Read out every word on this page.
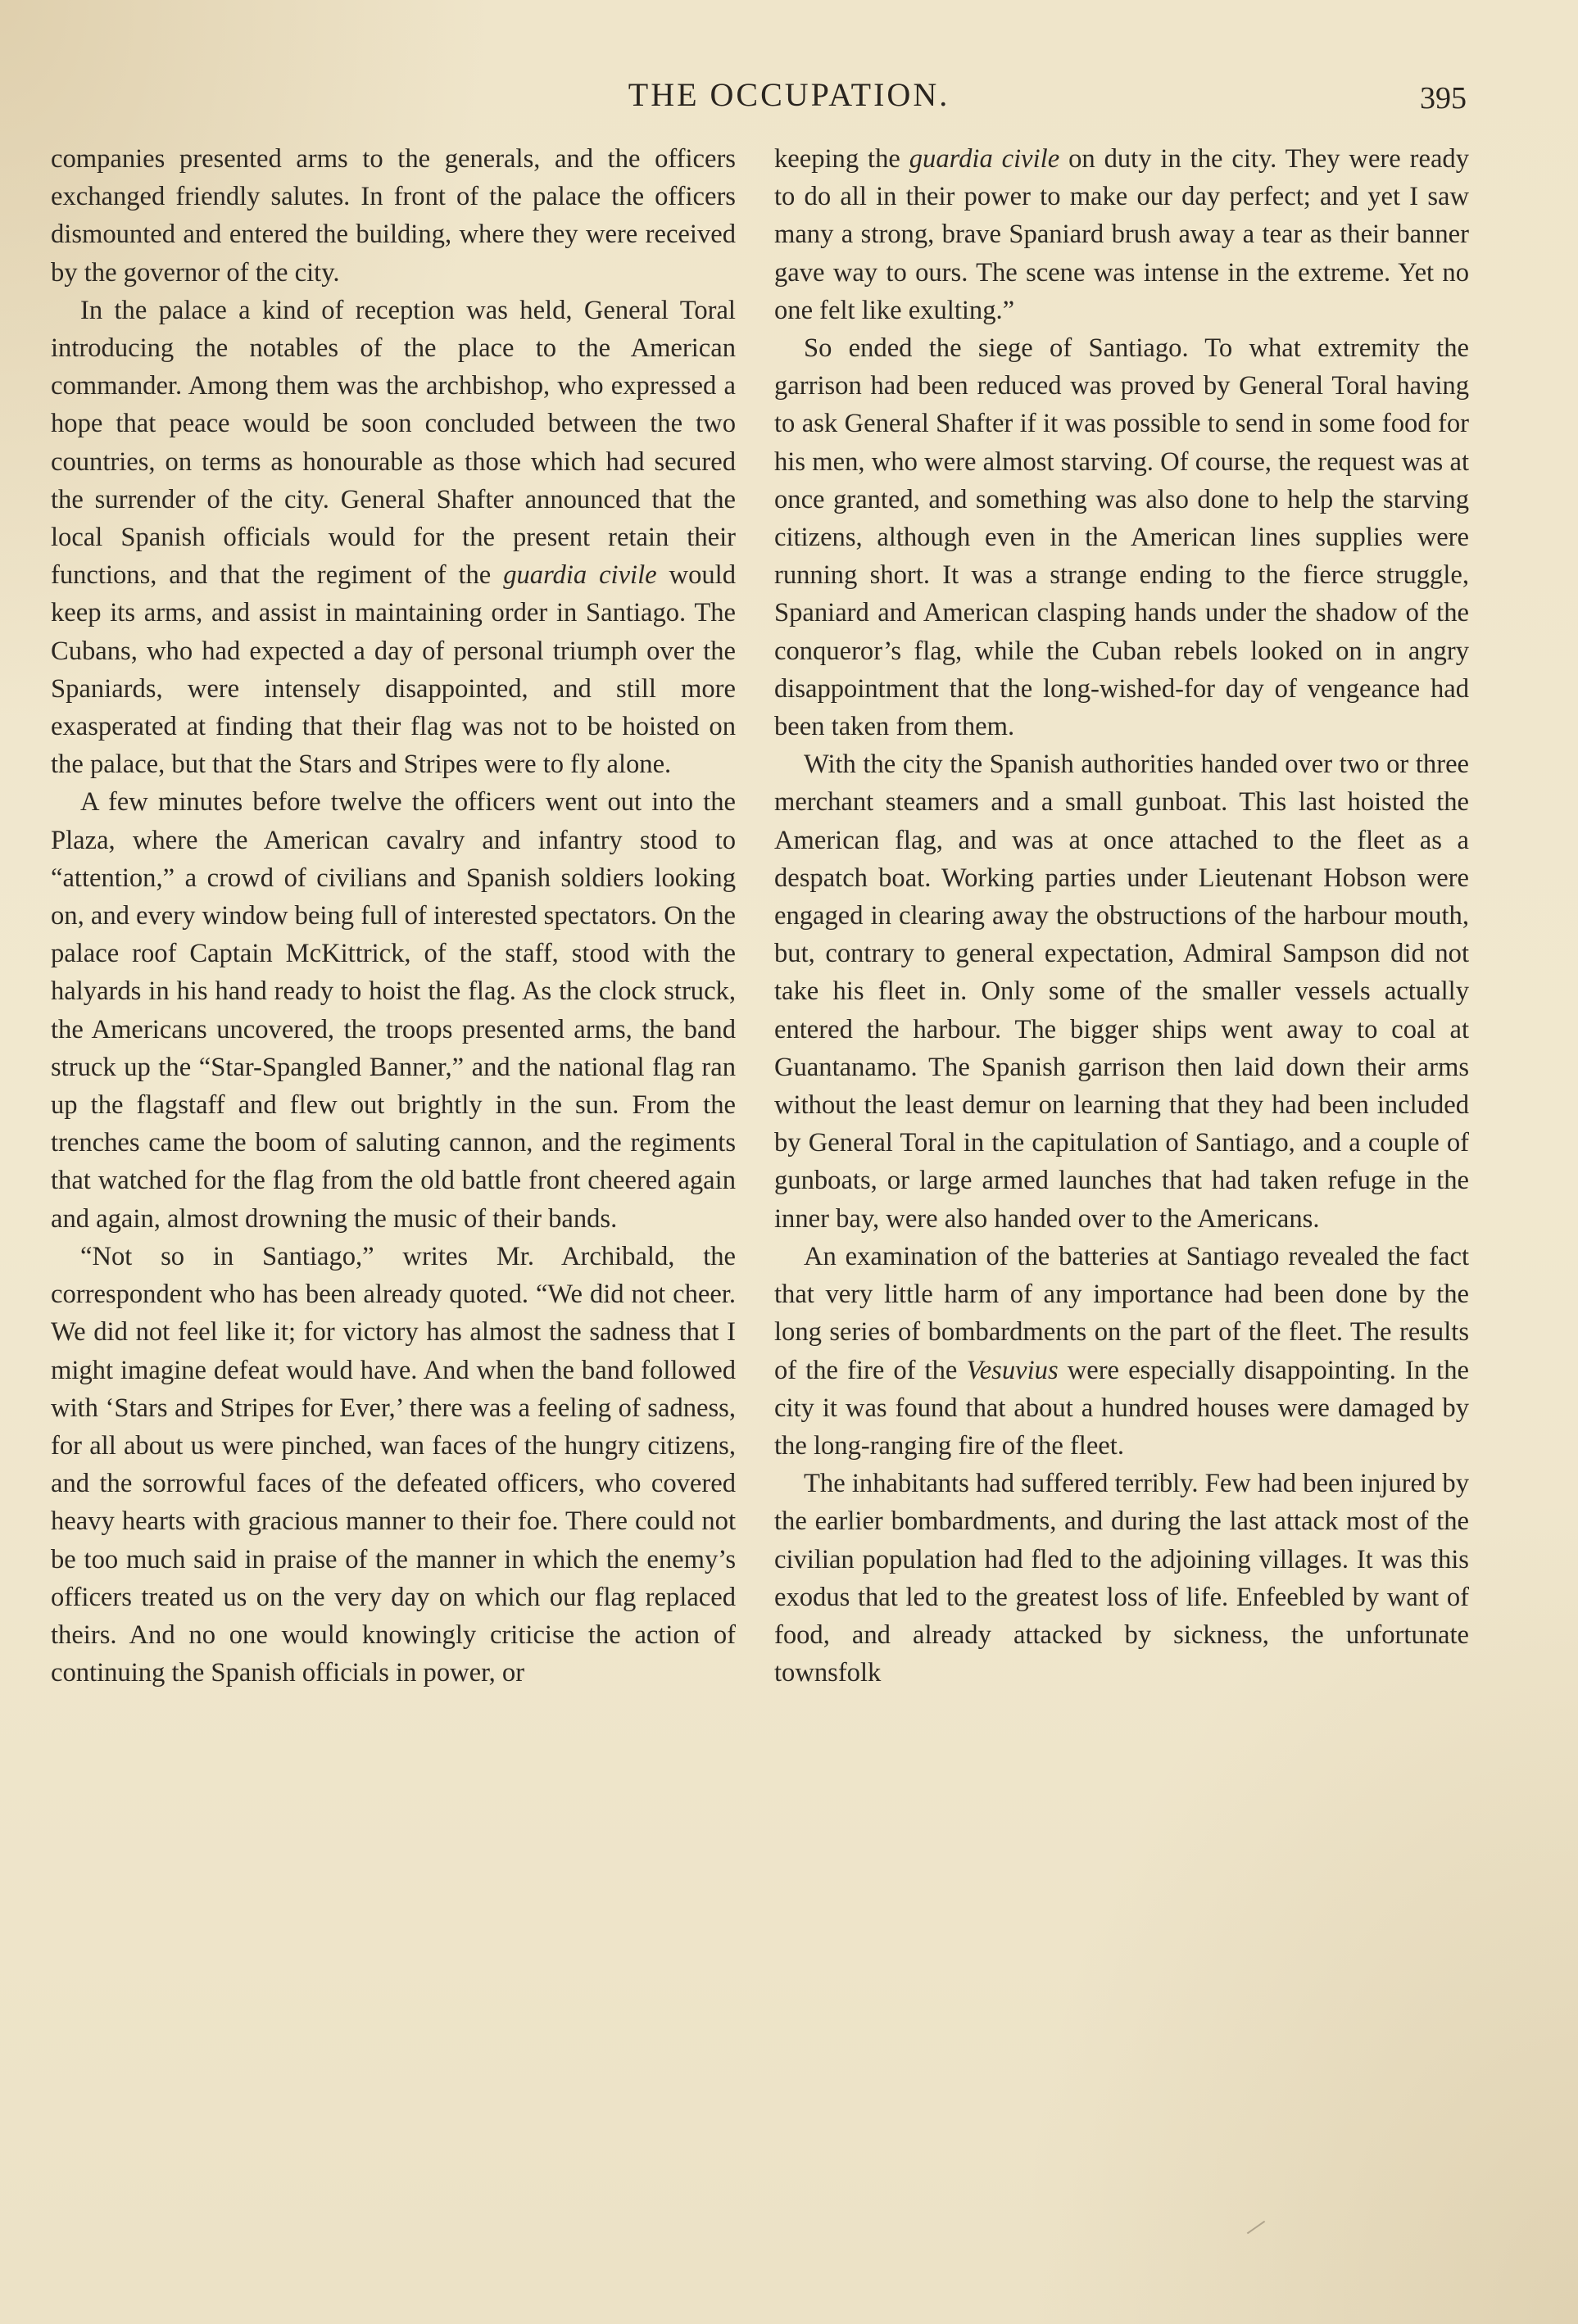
THE OCCUPATION.	395

companies presented arms to the generals, and the officers exchanged friendly salutes. In front of the palace the officers dismounted and entered the building, where they were received by the governor of the city.

In the palace a kind of reception was held, General Toral introducing the notables of the place to the American commander. Among them was the archbishop, who expressed a hope that peace would be soon concluded between the two countries, on terms as honourable as those which had secured the surrender of the city. General Shafter announced that the local Spanish officials would for the present retain their functions, and that the regiment of the guardia civile would keep its arms, and assist in maintaining order in Santiago. The Cubans, who had expected a day of personal triumph over the Spaniards, were intensely disappointed, and still more exasperated at finding that their flag was not to be hoisted on the palace, but that the Stars and Stripes were to fly alone.

A few minutes before twelve the officers went out into the Plaza, where the American cavalry and infantry stood to “attention,” a crowd of civilians and Spanish soldiers looking on, and every window being full of interested spectators. On the palace roof Captain McKittrick, of the staff, stood with the halyards in his hand ready to hoist the flag. As the clock struck, the Americans uncovered, the troops presented arms, the band struck up the “Star-Spangled Banner,” and the national flag ran up the flagstaff and flew out brightly in the sun. From the trenches came the boom of saluting cannon, and the regiments that watched for the flag from the old battle front cheered again and again, almost drowning the music of their bands.

“Not so in Santiago,” writes Mr. Archibald, the correspondent who has been already quoted. “We did not cheer. We did not feel like it; for victory has almost the sadness that I might imagine defeat would have. And when the band followed with ‘Stars and Stripes for Ever,’ there was a feeling of sadness, for all about us were pinched, wan faces of the hungry citizens, and the sorrowful faces of the defeated officers, who covered heavy hearts with gracious manner to their foe. There could not be too much said in praise of the manner in which the enemy’s officers treated us on the very day on which our flag replaced theirs. And no one would knowingly criticise the action of continuing the Spanish officials in power, or

keeping the guardia civile on duty in the city. They were ready to do all in their power to make our day perfect; and yet I saw many a strong, brave Spaniard brush away a tear as their banner gave way to ours. The scene was intense in the extreme. Yet no one felt like exulting.”

So ended the siege of Santiago. To what extremity the garrison had been reduced was proved by General Toral having to ask General Shafter if it was possible to send in some food for his men, who were almost starving. Of course, the request was at once granted, and something was also done to help the starving citizens, although even in the American lines supplies were running short. It was a strange ending to the fierce struggle, Spaniard and American clasping hands under the shadow of the conqueror’s flag, while the Cuban rebels looked on in angry disappointment that the long-wished-for day of vengeance had been taken from them.

With the city the Spanish authorities handed over two or three merchant steamers and a small gunboat. This last hoisted the American flag, and was at once attached to the fleet as a despatch boat. Working parties under Lieutenant Hobson were engaged in clearing away the obstructions of the harbour mouth, but, contrary to general expectation, Admiral Sampson did not take his fleet in. Only some of the smaller vessels actually entered the harbour. The bigger ships went away to coal at Guantanamo. The Spanish garrison then laid down their arms without the least demur on learning that they had been included by General Toral in the capitulation of Santiago, and a couple of gunboats, or large armed launches that had taken refuge in the inner bay, were also handed over to the Americans.

An examination of the batteries at Santiago revealed the fact that very little harm of any importance had been done by the long series of bombardments on the part of the fleet. The results of the fire of the Vesuvius were especially disappointing. In the city it was found that about a hundred houses were damaged by the long-ranging fire of the fleet.

The inhabitants had suffered terribly. Few had been injured by the earlier bombardments, and during the last attack most of the civilian population had fled to the adjoining villages. It was this exodus that led to the greatest loss of life. Enfeebled by want of food, and already attacked by sickness, the unfortunate townsfolk
